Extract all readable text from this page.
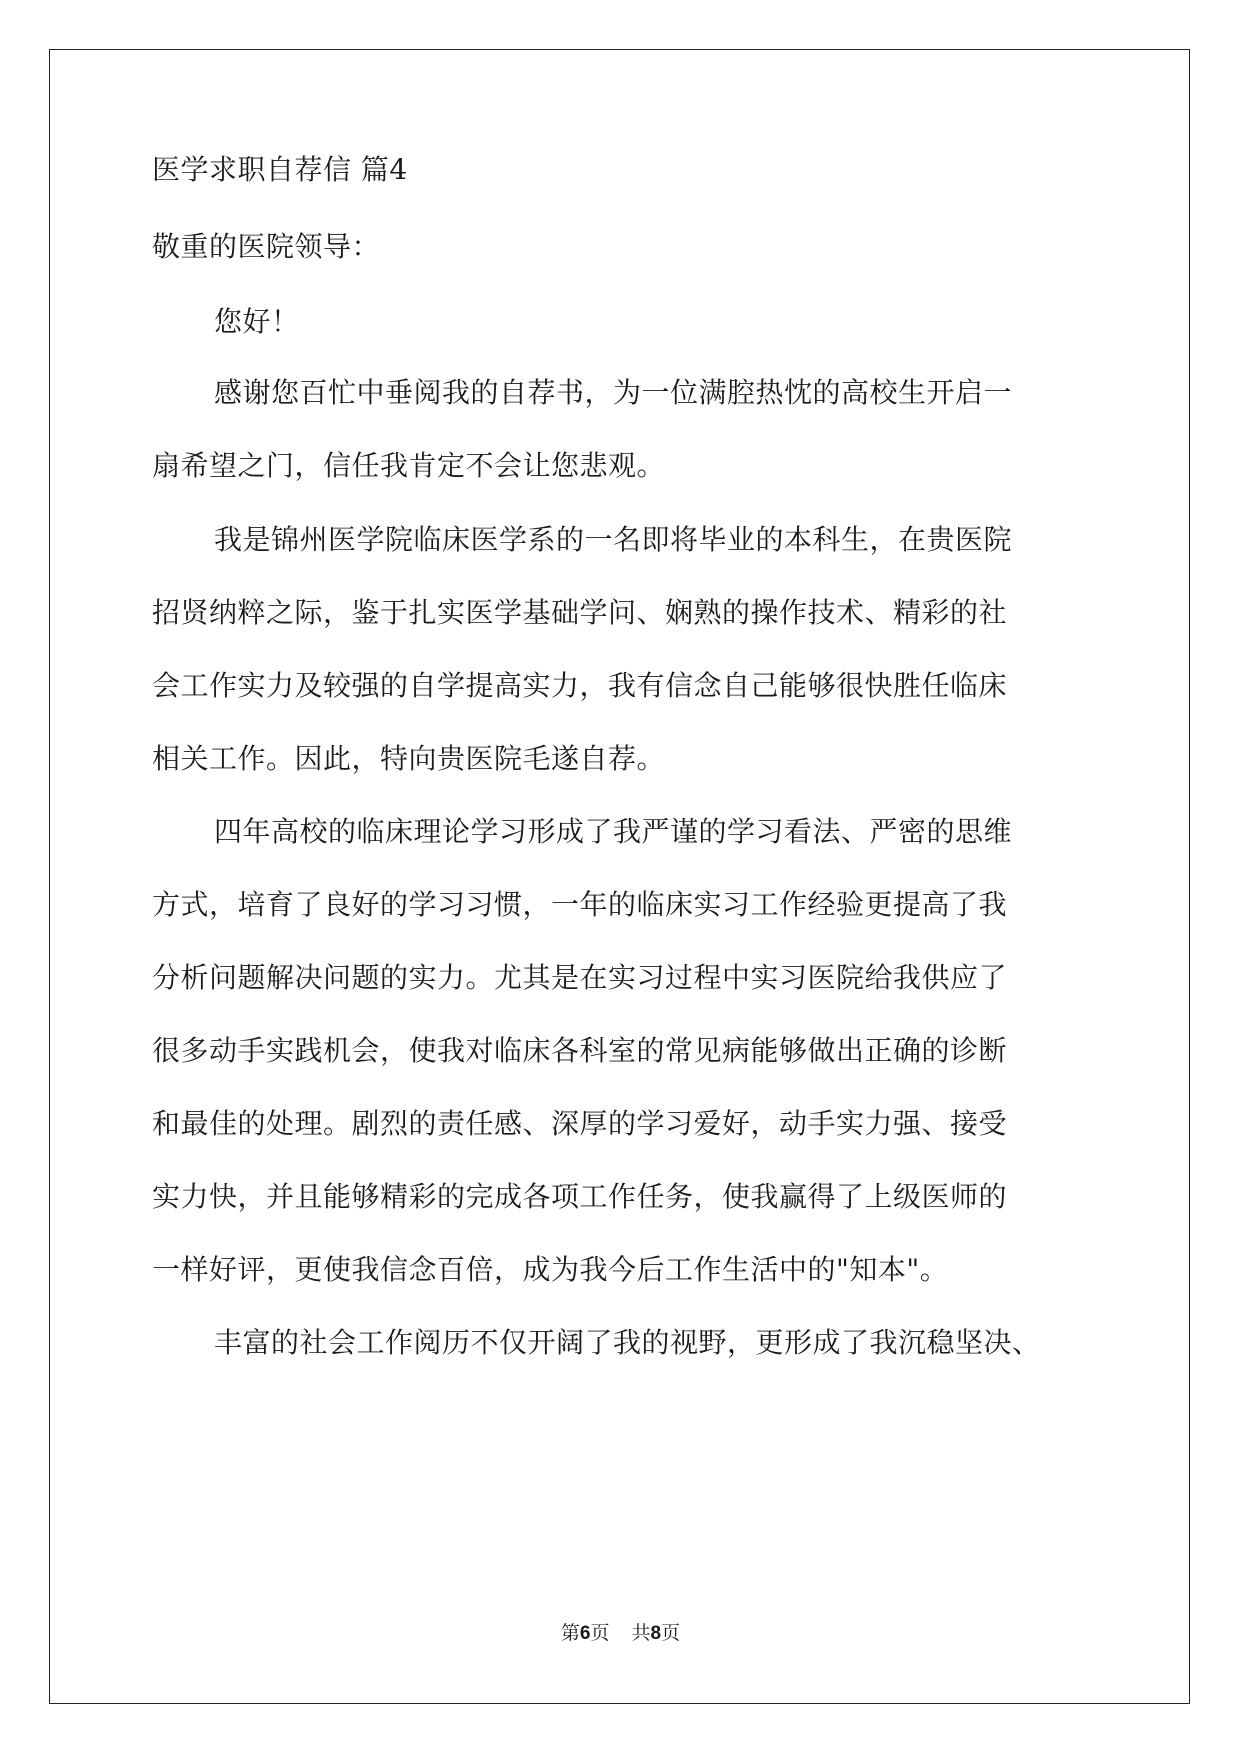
医学求职自荐信 篇4
敬重的医院领导：
您好！
感谢您百忙中垂阅我的自荐书，为一位满腔热忱的高校生开启一
扇希望之门，信任我肯定不会让您悲观。
我是锦州医学院临床医学系的一名即将毕业的本科生，在贵医院
招贤纳粹之际，鉴于扎实医学基础学问、娴熟的操作技术、精彩的社
会工作实力及较强的自学提高实力，我有信念自己能够很快胜任临床
相关工作。因此，特向贵医院毛遂自荐。
四年高校的临床理论学习形成了我严谨的学习看法、严密的思维
方式，培育了良好的学习习惯，一年的临床实习工作经验更提高了我
分析问题解决问题的实力。尤其是在实习过程中实习医院给我供应了
很多动手实践机会，使我对临床各科室的常见病能够做出正确的诊断
和最佳的处理。剧烈的责任感、深厚的学习爱好，动手实力强、接受
实力快，并且能够精彩的完成各项工作任务，使我赢得了上级医师的
一样好评，更使我信念百倍，成为我今后工作生活中的"知本"。
丰富的社会工作阅历不仅开阔了我的视野，更形成了我沉稳坚决、
第6页 共8页
